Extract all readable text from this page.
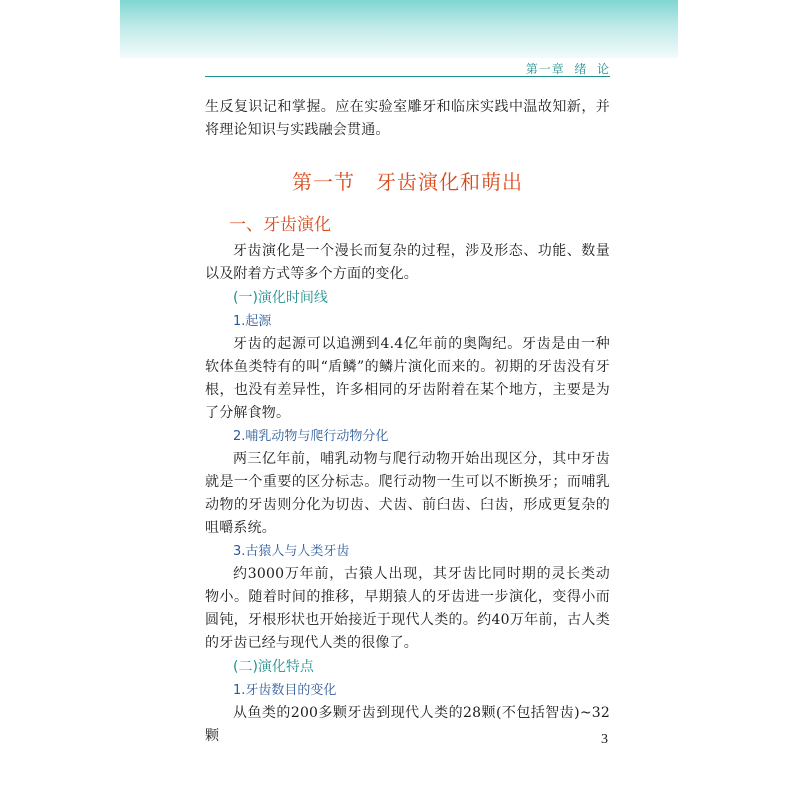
第一章  绪  论

生反复识记和掌握。应在实验室雕牙和临床实践中温故知新，并将理论知识与实践融会贯通。

第一节　牙齿演化和萌出
一、牙齿演化

牙齿演化是一个漫长而复杂的过程，涉及形态、功能、数量以及附着方式等多个方面的变化。

(一)演化时间线
1.起源

牙齿的起源可以追溯到4.4亿年前的奥陶纪。牙齿是由一种软体鱼类特有的叫“盾鳞”的鳞片演化而来的。初期的牙齿没有牙根，也没有差异性，许多相同的牙齿附着在某个地方，主要是为了分解食物。

2.哺乳动物与爬行动物分化

两三亿年前，哺乳动物与爬行动物开始出现区分，其中牙齿就是一个重要的区分标志。爬行动物一生可以不断换牙；而哺乳动物的牙齿则分化为切齿、犬齿、前臼齿、臼齿，形成更复杂的咀嚼系统。

3.古猿人与人类牙齿

约3000万年前，古猿人出现，其牙齿比同时期的灵长类动物小。随着时间的推移，早期猿人的牙齿进一步演化，变得小而圆钝，牙根形状也开始接近于现代人类的。约40万年前，古人类的牙齿已经与现代人类的很像了。

(二)演化特点
1.牙齿数目的变化

从鱼类的200多颗牙齿到现代人类的28颗(不包括智齿)~32颗	3
